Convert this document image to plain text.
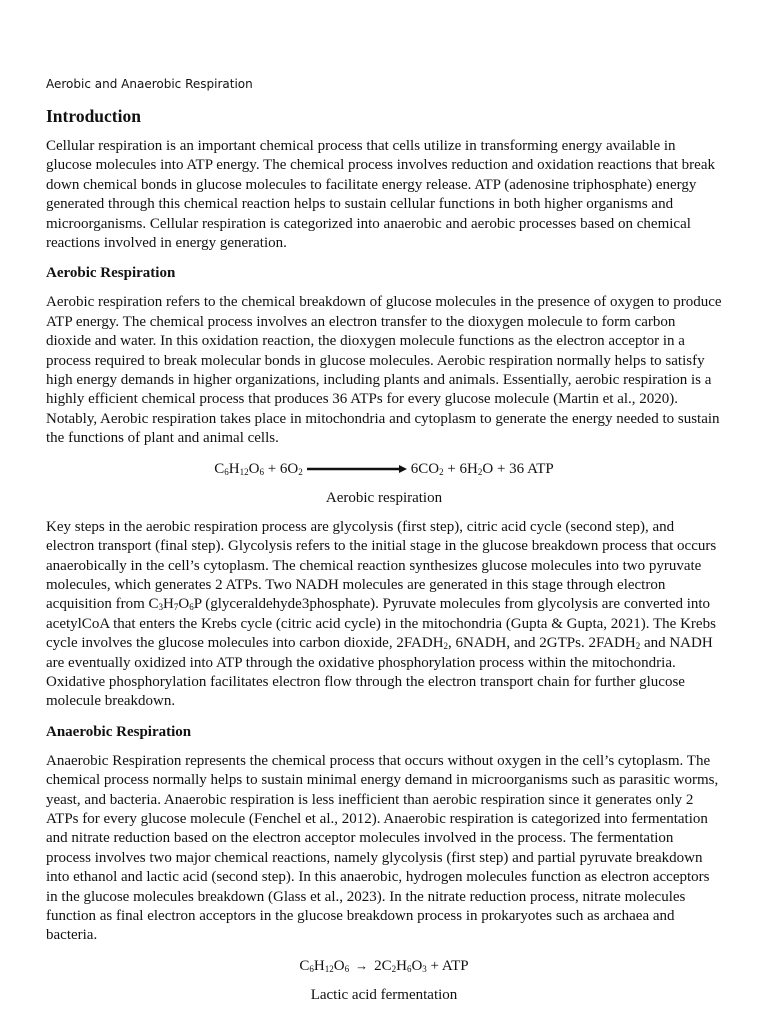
Aerobic and Anaerobic Respiration
Introduction

Cellular respiration is an important chemical process that cells utilize in transforming energy available in glucose molecules into ATP energy. The chemical process involves reduction and oxidation reactions that break down chemical bonds in glucose molecules to facilitate energy release. ATP (adenosine triphosphate) energy generated through this chemical reaction helps to sustain cellular functions in both higher organisms and microorganisms. Cellular respiration is categorized into anaerobic and aerobic processes based on chemical reactions involved in energy generation.

Aerobic Respiration

Aerobic respiration refers to the chemical breakdown of glucose molecules in the presence of oxygen to produce ATP energy. The chemical process involves an electron transfer to the dioxygen molecule to form carbon dioxide and water. In this oxidation reaction, the dioxygen molecule functions as the electron acceptor in a process required to break molecular bonds in glucose molecules. Aerobic respiration normally helps to satisfy high energy demands in higher organizations, including plants and animals. Essentially, aerobic respiration is a highly efficient chemical process that produces 36 ATPs for every glucose molecule (Martin et al., 2020). Notably, Aerobic respiration takes place in mitochondria and cytoplasm to generate the energy needed to sustain the functions of plant and animal cells.

$C_6H_{12}O_6 + 6O_2$	$6CO_2 + 6H_2O + 36$ ATP
Aerobic respiration

Key steps in the aerobic respiration process are glycolysis (first step), citric acid cycle (second step), and electron transport (final step). Glycolysis refers to the initial stage in the glucose breakdown process that occurs anaerobically in the cell’s cytoplasm. The chemical reaction synthesizes glucose molecules into two pyruvate molecules, which generates 2 ATPs. Two NADH molecules are generated in this stage through electron acquisition from $C_3H_7O_6P$ (glyceraldehyde3phosphate). Pyruvate molecules from glycolysis are converted into acetylCoA that enters the Krebs cycle (citric acid cycle) in the mitochondria (Gupta & Gupta, 2021). The Krebs cycle involves the glucose molecules into carbon dioxide, $2FADH_2$, 6NADH, and 2GTPs. $2FADH_2$ and NADH are eventually oxidized into ATP through the oxidative phosphorylation process within the mitochondria. Oxidative phosphorylation facilitates electron flow through the electron transport chain for further glucose molecule breakdown.

Anaerobic Respiration

Anaerobic Respiration represents the chemical process that occurs without oxygen in the cell’s cytoplasm. The chemical process normally helps to sustain minimal energy demand in microorganisms such as parasitic worms, yeast, and bacteria. Anaerobic respiration is less inefficient than aerobic respiration since it generates only 2 ATPs for every glucose molecule (Fenchel et al., 2012). Anaerobic respiration is categorized into fermentation and nitrate reduction based on the electron acceptor molecules involved in the process. The fermentation process involves two major chemical reactions, namely glycolysis (first step) and partial pyruvate breakdown into ethanol and lactic acid (second step). In this anaerobic, hydrogen molecules function as electron acceptors in the glucose molecules breakdown (Glass et al., 2023). In the nitrate reduction process, nitrate molecules function as final electron acceptors in the glucose breakdown process in prokaryotes such as archaea and bacteria.

$C_6H_{12}O_6 \to 2C_2H_6O_3$ + ATP
Lactic acid fermentation
